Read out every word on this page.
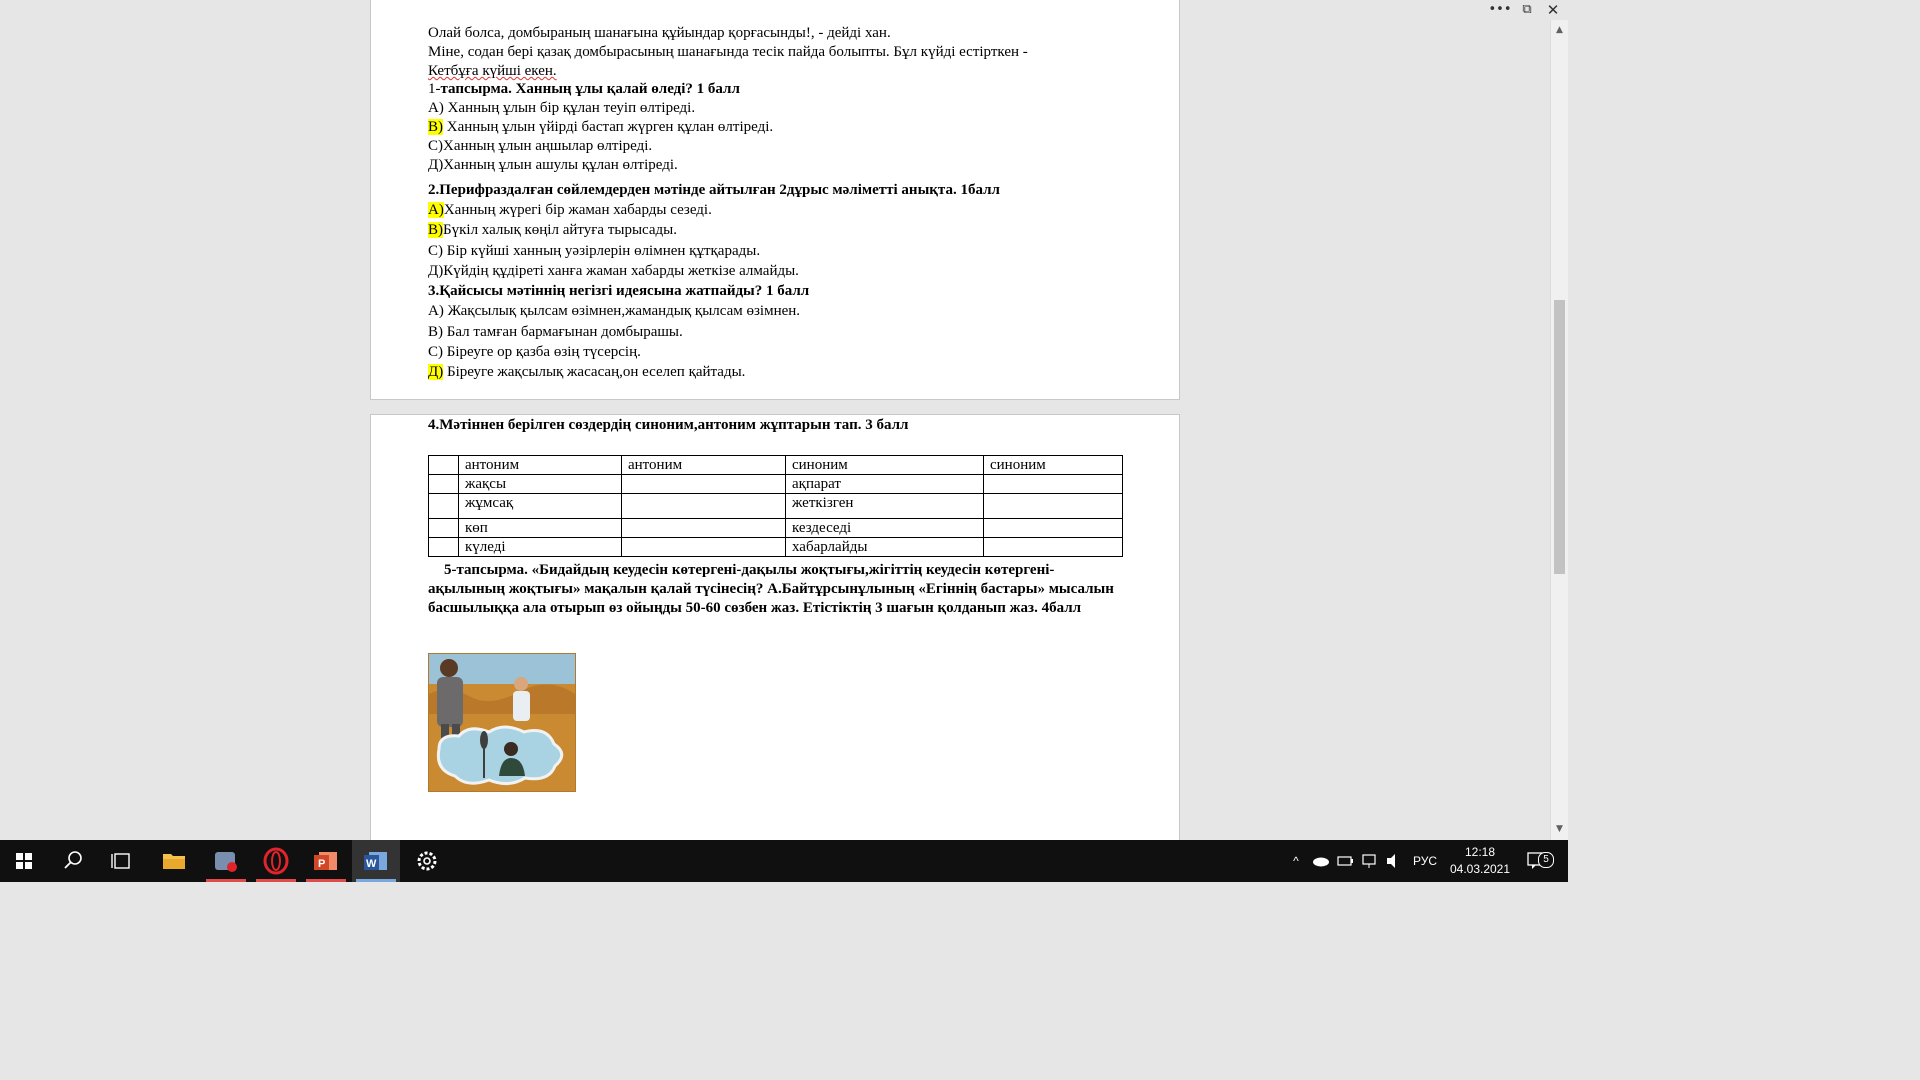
••• ⧉	✕
▲
▼
Олай болса, домбыраның шанағына құйындар қорғасынды!, - дейді хан.
Міне, содан бері қазақ домбырасының шанағында тесік пайда болыпты. Бұл күйді естірткен -
Кетбұға күйші екен.
1-тапсырма. Ханның ұлы қалай өледі? 1 балл
А) Ханның ұлын бір құлан теуіп өлтіреді.
В) Ханның ұлын үйірді бастап жүрген құлан өлтіреді.
С)Ханның ұлын аңшылар өлтіреді.
Д)Ханның ұлын ашулы құлан өлтіреді.
2.Перифраздалған сөйлемдерден мәтінде айтылған 2дұрыс мәліметті анықта. 1балл
А)Ханның жүрегі бір жаман хабарды сезеді.
В)Бүкіл халық көңіл айтуға тырысады.
С) Бір күйші ханның уәзірлерін өлімнен құтқарады.
Д)Күйдің құдіреті ханға жаман хабарды жеткізе алмайды.
3.Қайсысы мәтіннің негізгі идеясына жатпайды? 1 балл
А) Жақсылық қылсам өзімнен,жамандық қылсам өзімнен.
В) Бал тамған бармағынан домбырашы.
С) Біреуге ор қазба өзің түсерсің.
Д) Біреуге жақсылық жасасаң,он еселеп қайтады.
4.Мәтіннен берілген сөздердің синоним,антоним жұптарын тап. 3 балл
	антоним	антоним	синоним	синоним
	жақсы		ақпарат	
	жұмсақ		жеткізген	
	көп		кездеседі	
	күледі		хабарлайды	
5-тапсырма. «Бидайдың кеудесін көтергені-дақылы жоқтығы,жігіттің кеудесін көтергені-ақылының жоқтығы» мақалын қалай түсінесің? А.Байтұрсынұлының «Егіннің бастары» мысалын басшылыққа ала отырып өз ойыңды 50-60 сөзбен жаз. Етістіктің 3 шағын қолданып жаз. 4балл
P	W	^	РУС
12:18
04.03.2021
5
